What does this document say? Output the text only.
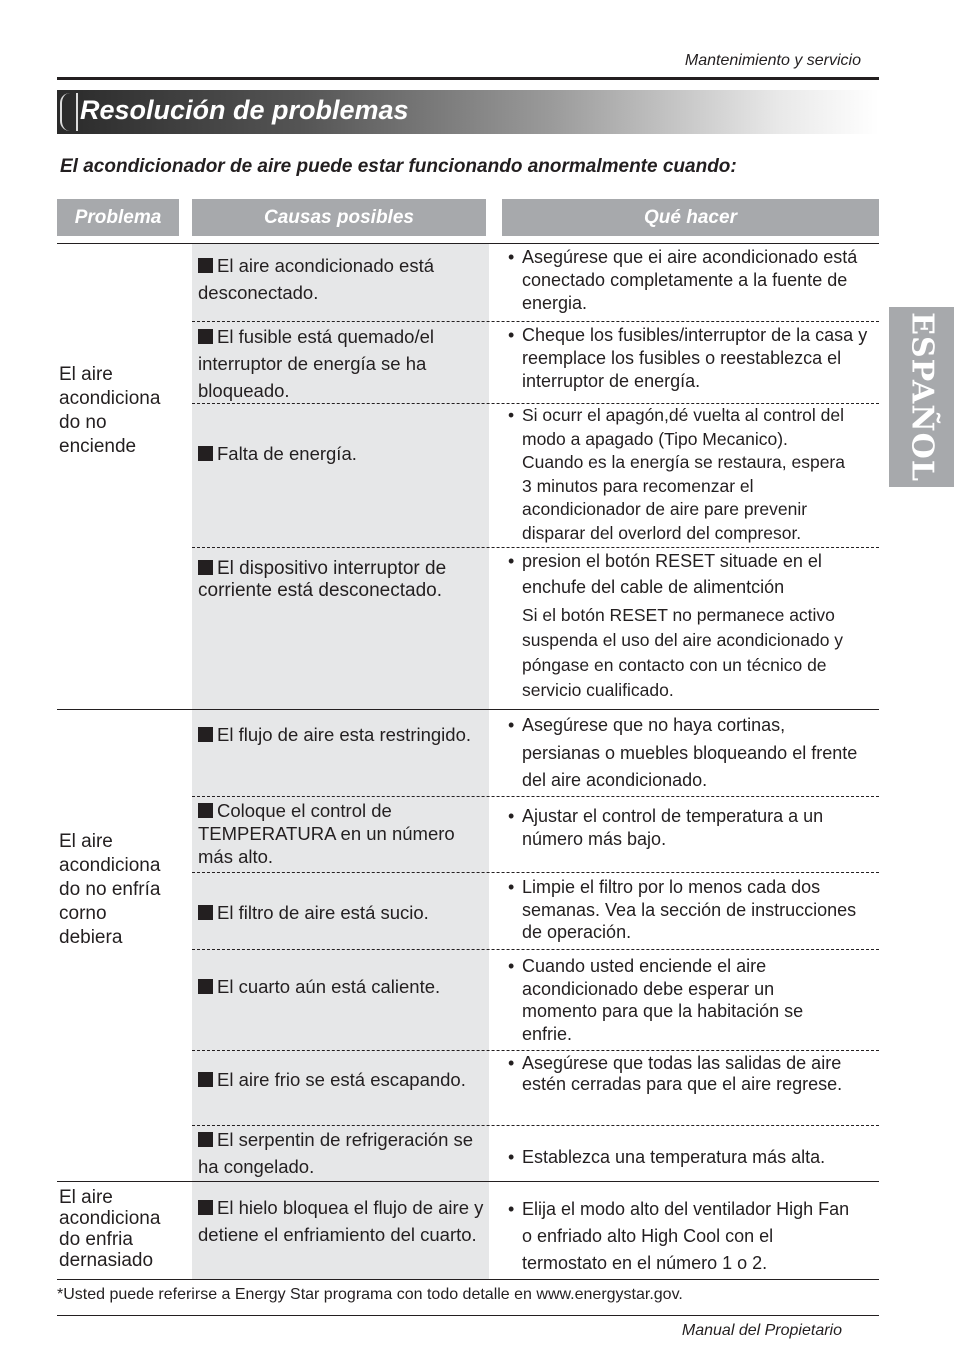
Mantenimiento y servicio
Resolución de problemas
El acondicionador de aire puede estar funcionando anormalmente cuando:
Problema	Causas posibles	Qué hacer
ESPAÑOL
El aire
acondiciona
do no
enciende
El aire
acondiciona
do no enfría
corno
debiera
El aire
acondiciona
do enfria
dernasiado
El aire acondicionado está desconectado.
El fusible está quemado/el interruptor de energía se ha bloqueado.
Falta de energía.
El dispositivo interruptor de corriente está desconectado.
El flujo de aire esta restringido.
Coloque el control de TEMPERATURA en un número más alto.
El filtro de aire está sucio.
El cuarto aún está caliente.
El aire frio se está escapando.
El serpentin de refrigeración se ha congelado.
El hielo bloquea el flujo de aire y detiene el enfriamiento del cuarto.
• Asegúrese que ei aire acondicionado está conectado completamente a la fuente de energia.
• Cheque los fusibles/interruptor de la casa y reemplace los fusibles o reestablezca el interruptor de energía.
• Si ocurr el apagón,dé vuelta al control del modo a apagado (Tipo Mecanico). Cuando es la energía se restaura, espera 3 minutos para recomenzar el acondicionador de aire pare prevenir disparar del overlord del compresor.
• presion el botón RESET situade en el enchufe del cable de alimentción
Si el botón RESET no permanece activo suspenda el uso del aire acondicionado y póngase en contacto con un técnico de servicio cualificado.
• Asegúrese que no haya cortinas, persianas o muebles bloqueando el frente del aire acondicionado.
• Ajustar el control de temperatura a un número más bajo.
• Limpie el filtro por lo menos cada dos semanas. Vea la sección de instrucciones de operación.
• Cuando usted enciende el aire acondicionado debe esperar un momento para que la habitación se enfrie.
• Asegúrese que todas las salidas de aire estén cerradas para que el aire regrese.
• Establezca una temperatura más alta.
• Elija el modo alto del ventilador High Fan o enfriado alto High Cool con el termostato en el número 1 o 2.
*Usted puede referirse a Energy Star programa con todo detalle en www.energystar.gov.
Manual del Propietario
